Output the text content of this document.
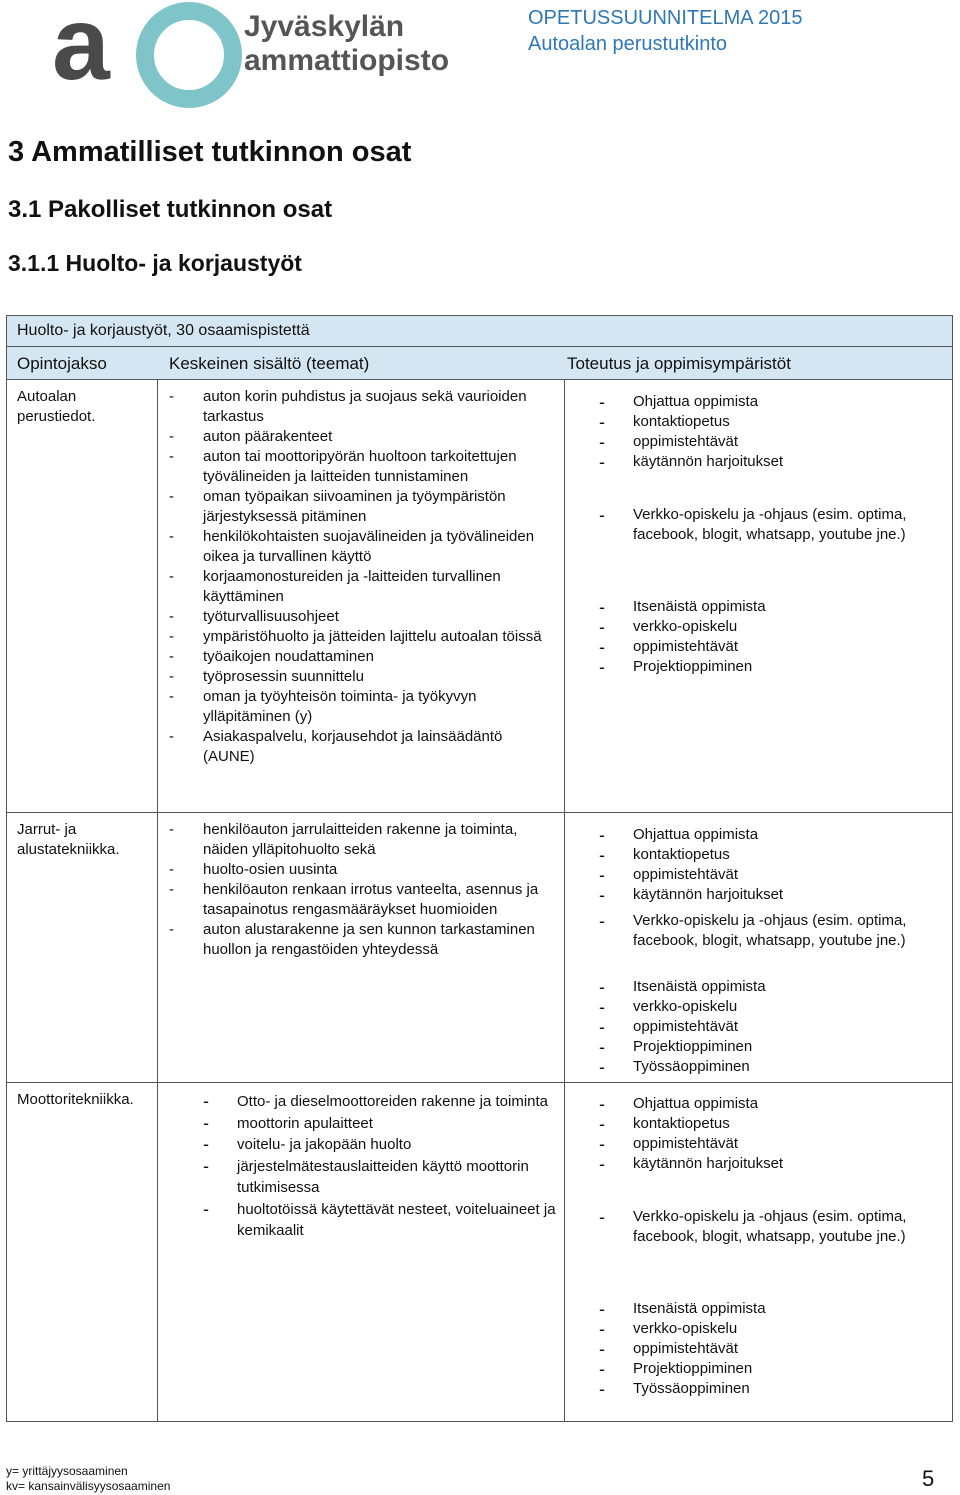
a	Jyväskylän
ammattiopisto
OPETUSSUUNNITELMA 2015
Autoalan perustutkinto
3 Ammatilliset tutkinnon osat
3.1 Pakolliset tutkinnon osat
3.1.1 Huolto- ja korjaustyöt
Huolto- ja korjaustyöt, 30 osaamispistettä
Opintojakso	Keskeinen sisältö (teemat)	Toteutus ja oppimisympäristöt
Autoalan perustiedot.
- auton korin puhdistus ja suojaus sekä vaurioiden tarkastus
- auton päärakenteet
- auton tai moottoripyörän huoltoon tarkoitettujen työvälineiden ja laitteiden tunnistaminen
- oman työpaikan siivoaminen ja työympäristön järjestyksessä pitäminen
- henkilökohtaisten suojavälineiden ja työvälineiden oikea ja turvallinen käyttö
- korjaamonostureiden ja -laitteiden turvallinen käyttäminen
- työturvallisuusohjeet
- ympäristöhuolto ja jätteiden lajittelu autoalan töissä
- työaikojen noudattaminen
- työprosessin suunnittelu
- oman ja työyhteisön toiminta- ja työkyvyn ylläpitäminen (y)
- Asiakaspalvelu, korjausehdot ja lainsäädäntö (AUNE)
- Ohjattua oppimista
- kontaktiopetus
- oppimistehtävät
- käytännön harjoitukset
- Verkko-opiskelu ja -ohjaus (esim. optima, facebook, blogit, whatsapp, youtube jne.)
- Itsenäistä oppimista
- verkko-opiskelu
- oppimistehtävät
- Projektioppiminen
Jarrut- ja alustatekniikka.
- henkilöauton jarrulaitteiden rakenne ja toiminta, näiden ylläpitohuolto sekä
- huolto-osien uusinta
- henkilöauton renkaan irrotus vanteelta, asennus ja tasapainotus rengasmääräykset huomioiden
- auton alustarakenne ja sen kunnon tarkastaminen huollon ja rengastöiden yhteydessä
- Ohjattua oppimista
- kontaktiopetus
- oppimistehtävät
- käytännön harjoitukset
- Verkko-opiskelu ja -ohjaus (esim. optima, facebook, blogit, whatsapp, youtube jne.)
- Itsenäistä oppimista
- verkko-opiskelu
- oppimistehtävät
- Projektioppiminen
- Työssäoppiminen
Moottoritekniikka.
-	Otto- ja dieselmoottoreiden rakenne ja toiminta
- moottorin apulaitteet
- voitelu- ja jakopään huolto
- järjestelmätestauslaitteiden käyttö moottorin tutkimisessa
- huoltotöissä käytettävät nesteet, voiteluaineet ja kemikaalit
- Ohjattua oppimista
- kontaktiopetus
- oppimistehtävät
- käytännön harjoitukset
- Verkko-opiskelu ja -ohjaus (esim. optima, facebook, blogit, whatsapp, youtube jne.)
- Itsenäistä oppimista
- verkko-opiskelu
- oppimistehtävät
- Projektioppiminen
- Työssäoppiminen
y= yrittäjyysosaaminen
kv= kansainvälisyysosaaminen	5
